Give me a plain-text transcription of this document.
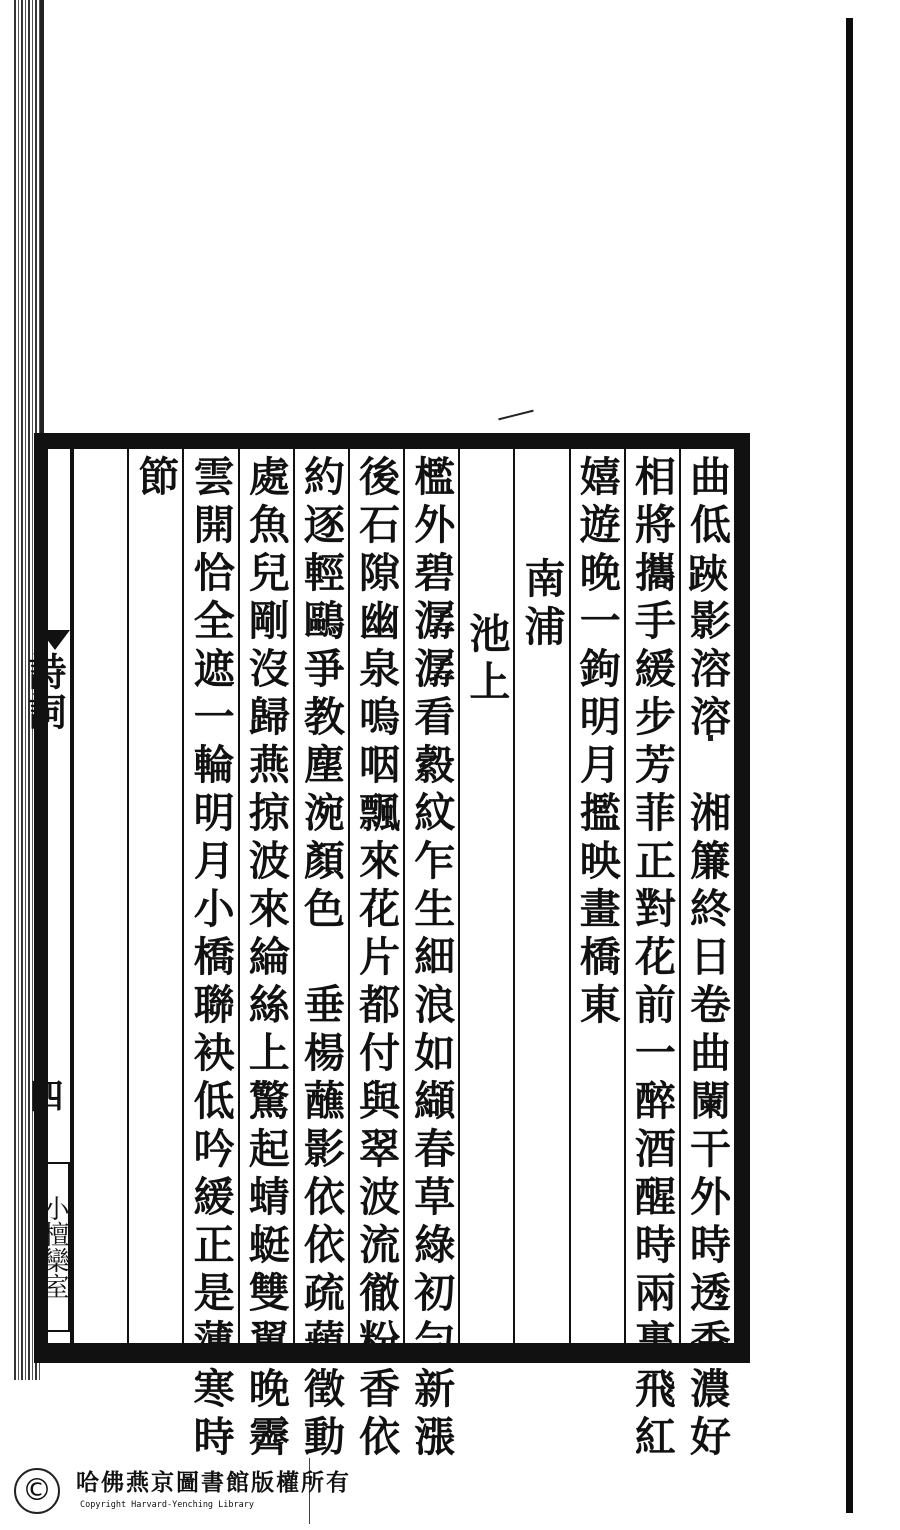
詩詞
四
小檀欒室	曲低𨁂影溶溶　湘簾終日卷曲闌干外時透香濃好
相將攜手緩步芳菲正對花前一醉酒醒時兩裏飛紅
嬉遊晚一鉤明月㩜映畫橋東
南浦
池上
檻外碧潺潺看縠紋乍生細浪如纈春草綠初勻新漲
後石隙幽泉嗚咽飄來花片都付與翠波流徹粉香依
約逐輕鷗爭教塵涴顏色　垂楊蘸影依依疏蘋徵動
處魚兒剛沒歸燕掠波來綸絲上驚起蜻蜓雙翼晚霽
雲開恰全遮一輪明月小橋聯袂低吟緩正是薄寒時
節
©	哈佛燕京圖書館版權所有
Copyright Harvard-Yenching Library
